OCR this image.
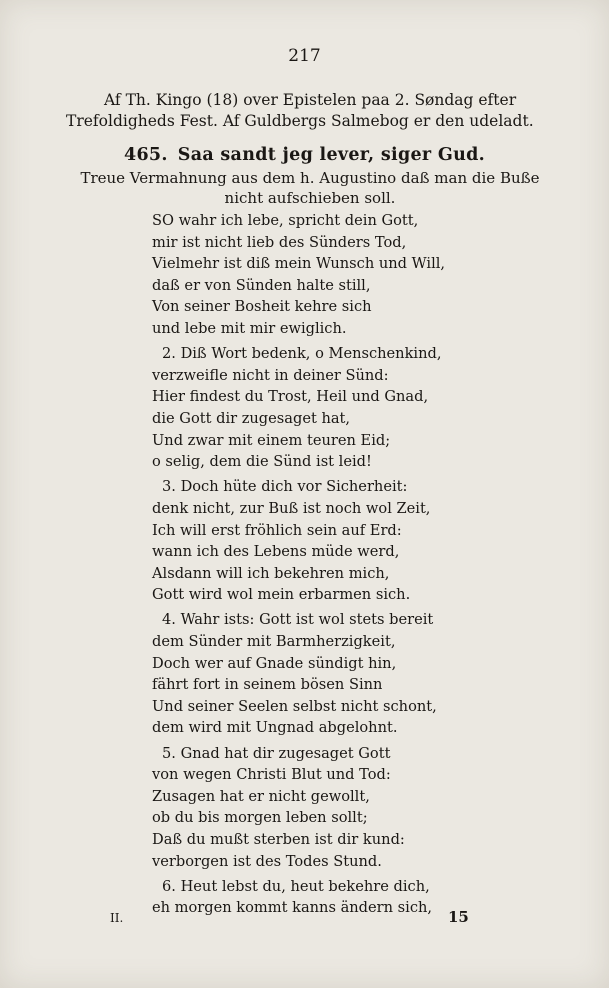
217
Af Th. Kingo (18) over Epistelen paa 2. Søndag efter
Trefoldigheds Fest. Af Guldbergs Salmebog er den udeladt.
465. Saa sandt jeg lever, siger Gud.
Treue Vermahnung aus dem h. Augustino daß man die Buße
nicht aufschieben soll.
SO wahr ich lebe, spricht dein Gott,
mir ist nicht lieb des Sünders Tod,
Vielmehr ist diß mein Wunsch und Will,
daß er von Sünden halte still,
Von seiner Bosheit kehre sich
und lebe mit mir ewiglich.
2. Diß Wort bedenk, o Menschenkind,
verzweifle nicht in deiner Sünd:
Hier findest du Trost, Heil und Gnad,
die Gott dir zugesaget hat,
Und zwar mit einem teuren Eid;
o selig, dem die Sünd ist leid!
3. Doch hüte dich vor Sicherheit:
denk nicht, zur Buß ist noch wol Zeit,
Ich will erst fröhlich sein auf Erd:
wann ich des Lebens müde werd,
Alsdann will ich bekehren mich,
Gott wird wol mein erbarmen sich.
4. Wahr ists: Gott ist wol stets bereit
dem Sünder mit Barmherzigkeit,
Doch wer auf Gnade sündigt hin,
fährt fort in seinem bösen Sinn
Und seiner Seelen selbst nicht schont,
dem wird mit Ungnad abgelohnt.
5. Gnad hat dir zugesaget Gott
von wegen Christi Blut und Tod:
Zusagen hat er nicht gewollt,
ob du bis morgen leben sollt;
Daß du mußt sterben ist dir kund:
verborgen ist des Todes Stund.
6. Heut lebst du, heut bekehre dich,
eh morgen kommt kanns ändern sich,
II.	15
